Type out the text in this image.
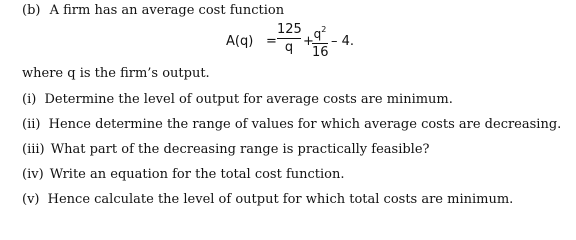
(b) A firm has an average cost function
A(q) =
125
$q + q^2$
16
– 4.
where q is the firm’s output.
(i) Determine the level of output for average costs are minimum.
(ii) Hence determine the range of values for which average costs are decreasing.
(iii) What part of the decreasing range is practically feasible?
(iv) Write an equation for the total cost function.
(v) Hence calculate the level of output for which total costs are minimum.
